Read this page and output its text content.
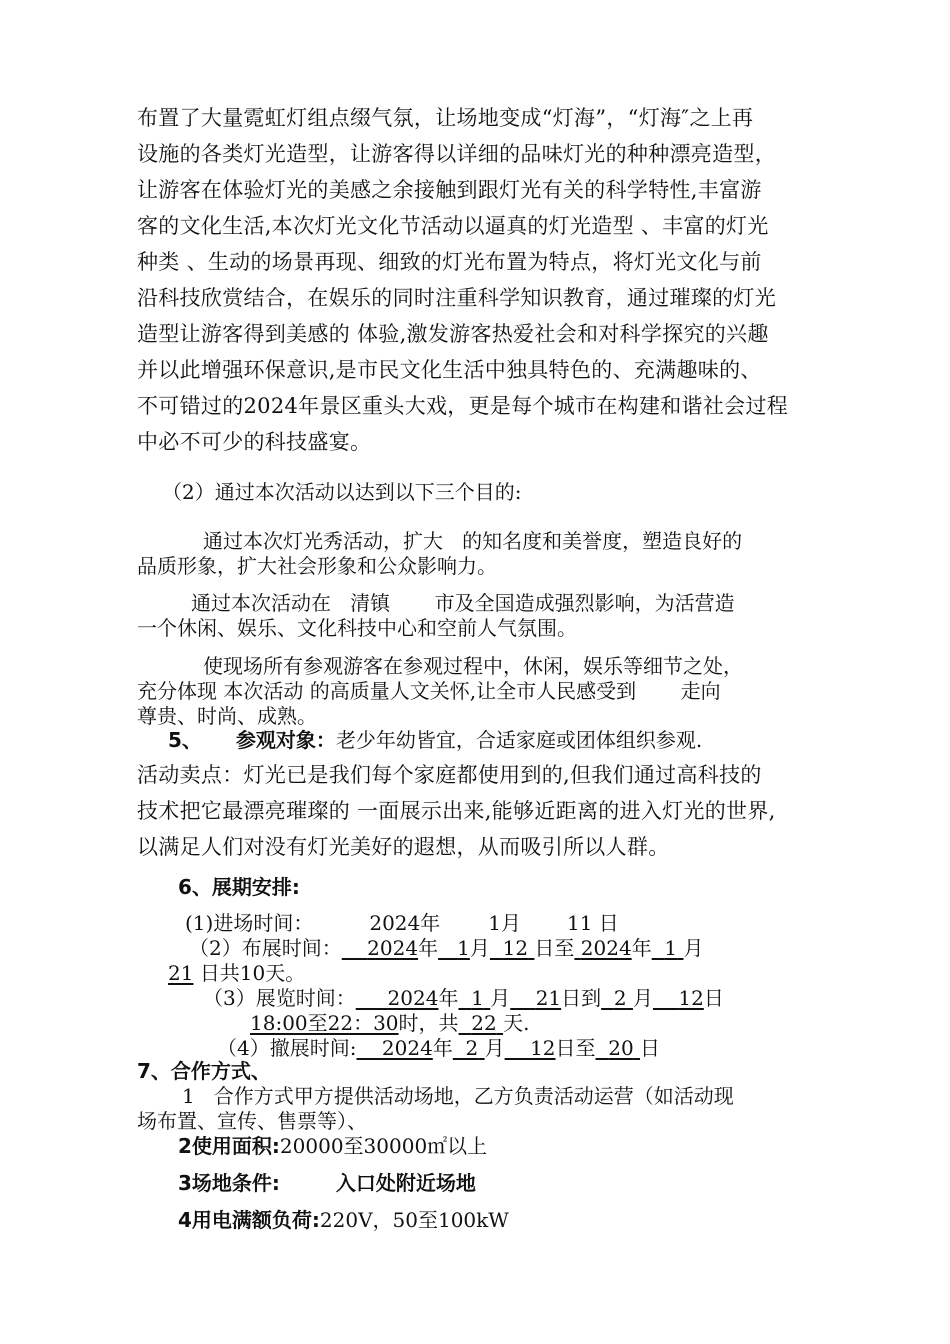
布置了大量霓虹灯组点缀气氛，让场地变成“灯海”，“灯海″之上再
设施的各类灯光造型，让游客得以详细的品味灯光的种种漂亮造型，
让游客在体验灯光的美感之余接触到跟灯光有关的科学特性,丰富游
客的文化生活,本次灯光文化节活动以逼真的灯光造型 、丰富的灯光
种类 、生动的场景再现、细致的灯光布置为特点，将灯光文化与前
沿科技欣赏结合，在娱乐的同时注重科学知识教育，通过璀璨的灯光
造型让游客得到美感的 体验,激发游客热爱社会和对科学探究的兴趣
并以此增强环保意识,是市民文化生活中独具特色的、充满趣味的、
不可错过的2024年景区重头大戏，更是每个城市在构建和谐社会过程
中必不可少的科技盛宴。
（2）通过本次活动以达到以下三个目的:
通过本次灯光秀活动，扩大   的知名度和美誉度，塑造良好的
品质形象，扩大社会形象和公众影响力。
通过本次活动在   清镇       市及全国造成强烈影响，为活营造
一个休闲、娱乐、文化科技中心和空前人气氛围。
使现场所有参观游客在参观过程中，休闲，娱乐等细节之处，
充分体现 本次活动 的高质量人文关怀,让全市人民感受到       走向
尊贵、时尚、成熟。
5、 参观对象：老少年幼皆宜，合适家庭或团体组织参观.
活动卖点：灯光已是我们每个家庭都使用到的,但我们通过高科技的
技术把它最漂亮璀璨的 一面展示出来,能够近距离的进入灯光的世界,
以满足人们对没有灯光美好的遐想，从而吸引所以人群。
6、展期安排:
(1)进场时间：	2024年 1月 11 日
（2）布展时间： 2024年 1月 12 日至 2024年 1 月
21 日共10天。
（3）展览时间： 2024年 1 月 21日到 2 月 12日
18:00至22：30时，共 22 天.
（4）撤展时间: 2024年 2 月 12日至 20 日
7、合作方式、
1   合作方式甲方提供活动场地，乙方负责活动运营（如活动现
场布置、宣传、售票等）、
2使用面积:20000至30000㎡以上
3场地条件:	入口处附近场地
4用电满额负荷:220V，50至100kW
